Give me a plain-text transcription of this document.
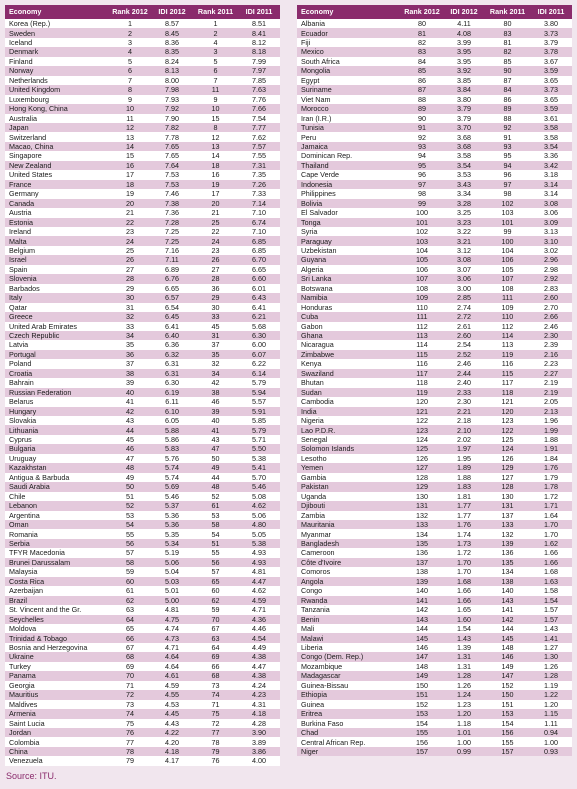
Economy	Rank 2012	IDI 2012	Rank 2011	IDI 2011
Korea (Rep.)	1	8.57	1	8.51
Sweden	2	8.45	2	8.41
Iceland	3	8.36	4	8.12
Denmark	4	8.35	3	8.18
Finland	5	8.24	5	7.99
Norway	6	8.13	6	7.97
Netherlands	7	8.00	7	7.85
United Kingdom	8	7.98	11	7.63
Luxembourg	9	7.93	9	7.76
Hong Kong, China	10	7.92	10	7.66
Australia	11	7.90	15	7.54
Japan	12	7.82	8	7.77
Switzerland	13	7.78	12	7.62
Macao, China	14	7.65	13	7.57
Singapore	15	7.65	14	7.55
New Zealand	16	7.64	18	7.31
United States	17	7.53	16	7.35
France	18	7.53	19	7.26
Germany	19	7.46	17	7.33
Canada	20	7.38	20	7.14
Austria	21	7.36	21	7.10
Estonia	22	7.28	25	6.74
Ireland	23	7.25	22	7.10
Malta	24	7.25	24	6.85
Belgium	25	7.16	23	6.85
Israel	26	7.11	26	6.70
Spain	27	6.89	27	6.65
Slovenia	28	6.76	28	6.60
Barbados	29	6.65	36	6.01
Italy	30	6.57	29	6.43
Qatar	31	6.54	30	6.41
Greece	32	6.45	33	6.21
United Arab Emirates	33	6.41	45	5.68
Czech Republic	34	6.40	31	6.30
Latvia	35	6.36	37	6.00
Portugal	36	6.32	35	6.07
Poland	37	6.31	32	6.22
Croatia	38	6.31	34	6.14
Bahrain	39	6.30	42	5.79
Russian Federation	40	6.19	38	5.94
Belarus	41	6.11	46	5.57
Hungary	42	6.10	39	5.91
Slovakia	43	6.05	40	5.85
Lithuania	44	5.88	41	5.79
Cyprus	45	5.86	43	5.71
Bulgaria	46	5.83	47	5.50
Uruguay	47	5.76	50	5.38
Kazakhstan	48	5.74	49	5.41
Antigua & Barbuda	49	5.74	44	5.70
Saudi Arabia	50	5.69	48	5.46
Chile	51	5.46	52	5.08
Lebanon	52	5.37	61	4.62
Argentina	53	5.36	53	5.06
Oman	54	5.36	58	4.80
Romania	55	5.35	54	5.05
Serbia	56	5.34	51	5.38
TFYR Macedonia	57	5.19	55	4.93
Brunei Darussalam	58	5.06	56	4.93
Malaysia	59	5.04	57	4.81
Costa Rica	60	5.03	65	4.47
Azerbaijan	61	5.01	60	4.62
Brazil	62	5.00	62	4.59
St. Vincent and the Gr.	63	4.81	59	4.71
Seychelles	64	4.75	70	4.36
Moldova	65	4.74	67	4.46
Trinidad & Tobago	66	4.73	63	4.54
Bosnia and Herzegovina	67	4.71	64	4.49
Ukraine	68	4.64	69	4.38
Turkey	69	4.64	66	4.47
Panama	70	4.61	68	4.38
Georgia	71	4.59	73	4.24
Mauritius	72	4.55	74	4.23
Maldives	73	4.53	71	4.31
Armenia	74	4.45	75	4.18
Saint Lucia	75	4.43	72	4.28
Jordan	76	4.22	77	3.90
Colombia	77	4.20	78	3.89
China	78	4.18	79	3.86
Venezuela	79	4.17	76	4.00
Economy	Rank 2012	IDI 2012	Rank 2011	IDI 2011
Albania	80	4.11	80	3.80
Ecuador	81	4.08	83	3.73
Fiji	82	3.99	81	3.79
Mexico	83	3.95	82	3.78
South Africa	84	3.95	85	3.67
Mongolia	85	3.92	90	3.59
Egypt	86	3.85	87	3.65
Suriname	87	3.84	84	3.73
Viet Nam	88	3.80	86	3.65
Morocco	89	3.79	89	3.59
Iran (I.R.)	90	3.79	88	3.61
Tunisia	91	3.70	92	3.58
Peru	92	3.68	91	3.58
Jamaica	93	3.68	93	3.54
Dominican Rep.	94	3.58	95	3.36
Thailand	95	3.54	94	3.42
Cape Verde	96	3.53	96	3.18
Indonesia	97	3.43	97	3.14
Philippines	98	3.34	98	3.14
Bolivia	99	3.28	102	3.08
El Salvador	100	3.25	103	3.06
Tonga	101	3.23	101	3.09
Syria	102	3.22	99	3.13
Paraguay	103	3.21	100	3.10
Uzbekistan	104	3.12	104	3.02
Guyana	105	3.08	106	2.96
Algeria	106	3.07	105	2.98
Sri Lanka	107	3.06	107	2.92
Botswana	108	3.00	108	2.83
Namibia	109	2.85	111	2.60
Honduras	110	2.74	109	2.70
Cuba	111	2.72	110	2.66
Gabon	112	2.61	112	2.46
Ghana	113	2.60	114	2.30
Nicaragua	114	2.54	113	2.39
Zimbabwe	115	2.52	119	2.16
Kenya	116	2.46	116	2.23
Swaziland	117	2.44	115	2.27
Bhutan	118	2.40	117	2.19
Sudan	119	2.33	118	2.19
Cambodia	120	2.30	121	2.05
India	121	2.21	120	2.13
Nigeria	122	2.18	123	1.96
Lao P.D.R.	123	2.10	122	1.99
Senegal	124	2.02	125	1.88
Solomon Islands	125	1.97	124	1.91
Lesotho	126	1.95	126	1.84
Yemen	127	1.89	129	1.76
Gambia	128	1.88	127	1.79
Pakistan	129	1.83	128	1.78
Uganda	130	1.81	130	1.72
Djibouti	131	1.77	131	1.71
Zambia	132	1.77	137	1.64
Mauritania	133	1.76	133	1.70
Myanmar	134	1.74	132	1.70
Bangladesh	135	1.73	139	1.62
Cameroon	136	1.72	136	1.66
Côte d'Ivoire	137	1.70	135	1.66
Comoros	138	1.70	134	1.68
Angola	139	1.68	138	1.63
Congo	140	1.66	140	1.58
Rwanda	141	1.66	143	1.54
Tanzania	142	1.65	141	1.57
Benin	143	1.60	142	1.57
Mali	144	1.54	144	1.43
Malawi	145	1.43	145	1.41
Liberia	146	1.39	148	1.27
Congo (Dem. Rep.)	147	1.31	146	1.30
Mozambique	148	1.31	149	1.26
Madagascar	149	1.28	147	1.28
Guinea-Bissau	150	1.26	152	1.19
Ethiopia	151	1.24	150	1.22
Guinea	152	1.23	151	1.20
Eritrea	153	1.20	153	1.15
Burkina Faso	154	1.18	154	1.11
Chad	155	1.01	156	0.94
Central African Rep.	156	1.00	155	1.00
Niger	157	0.99	157	0.93
Source: ITU.
